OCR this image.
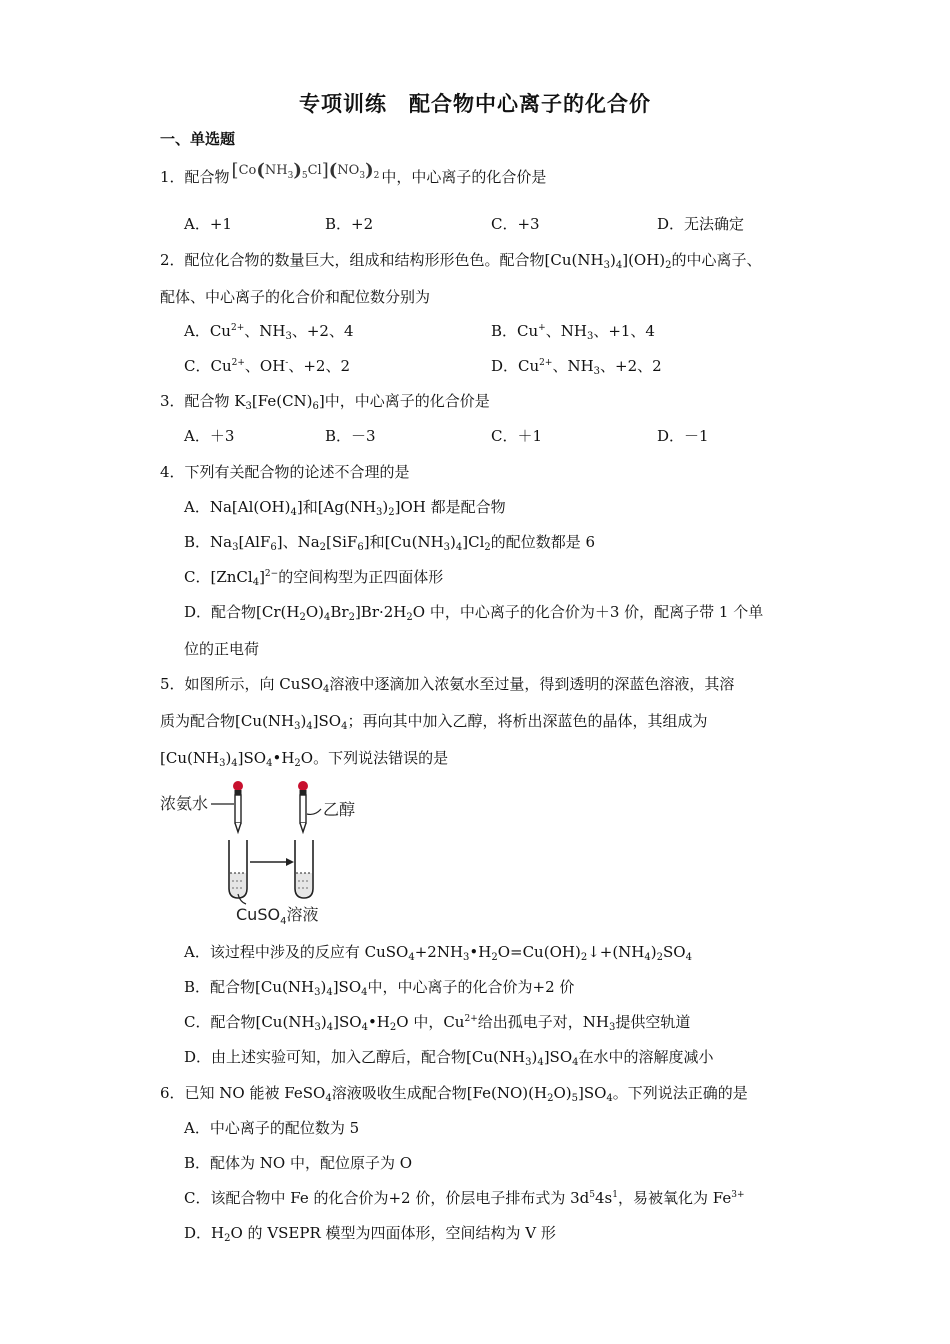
专项训练　配合物中心离子的化合价
一、单选题
1．配合物 $[Co(NH_3)_5Cl](NO_3)_2$ 中，中心离子的化合价是
A．+1	B．+2	C．+3	D．无法确定
2．配位化合物的数量巨大，组成和结构形形色色。配合物$[Cu(NH_3)_4](OH)_2$的中心离子、
配体、中心离子的化合价和配位数分别为
A．$Cu^{2+}$、$NH_3$、+2、4	B．Cu+、$NH_3$、+1、4
C．$Cu^{2+}$、OH-、+2、2	D．$Cu^{2+}$、$NH_3$、+2、2
3．配合物 $K_3[Fe(CN)_6]$中，中心离子的化合价是
A．＋3	B．－3	C．＋1	D．－1
4．下列有关配合物的论述不合理的是
A．$Na[Al(OH)_4]$和$[Ag(NH_3)_2]OH$ 都是配合物
B．$Na_3[AlF_6]$、$Na_2[SiF_6]$和$[Cu(NH_3)_4]Cl_2$的配位数都是 6
C．[ZnCl$_4$]$^{2-}$的空间构型为正四面体形
D．配合物$[Cr(H_2O)_4Br_2]Br\cdot 2H_2O$ 中，中心离子的化合价为＋3 价，配离子带 1 个单
位的正电荷
5．如图所示，向 CuSO$_4$溶液中逐滴加入浓氨水至过量，得到透明的深蓝色溶液，其溶
质为配合物$[Cu(NH_3)_4]SO_4$；再向其中加入乙醇，将析出深蓝色的晶体，其组成为
$[Cu(NH_3)_4]SO_4•H_2O$。下列说法错误的是
浓氨水	乙醇
CuSO$_4$溶液
A．该过程中涉及的反应有 $CuSO_4+2NH_3•H_2O=Cu(OH)_2↓+(NH_4)_2SO_4$
B．配合物$[Cu(NH_3)_4]SO_4$中，中心离子的化合价为+2 价
C．配合物$[Cu(NH_3)_4]SO_4•H_2O$ 中，$Cu^{2+}$给出孤电子对，$NH_3$提供空轨道
D．由上述实验可知，加入乙醇后，配合物$[Cu(NH_3)_4]SO_4$在水中的溶解度减小
6．已知 NO 能被 FeSO$_4$溶液吸收生成配合物$[Fe(NO)(H_2O)_5]SO_4$。下列说法正确的是
A．中心离子的配位数为 5
B．配体为 NO 中，配位原子为 O
C．该配合物中 Fe 的化合价为+2 价，价层电子排布式为 $3d^54s^1$，易被氧化为 $Fe^{3+}$
D．$H_2O$ 的 VSEPR 模型为四面体形，空间结构为 V 形
